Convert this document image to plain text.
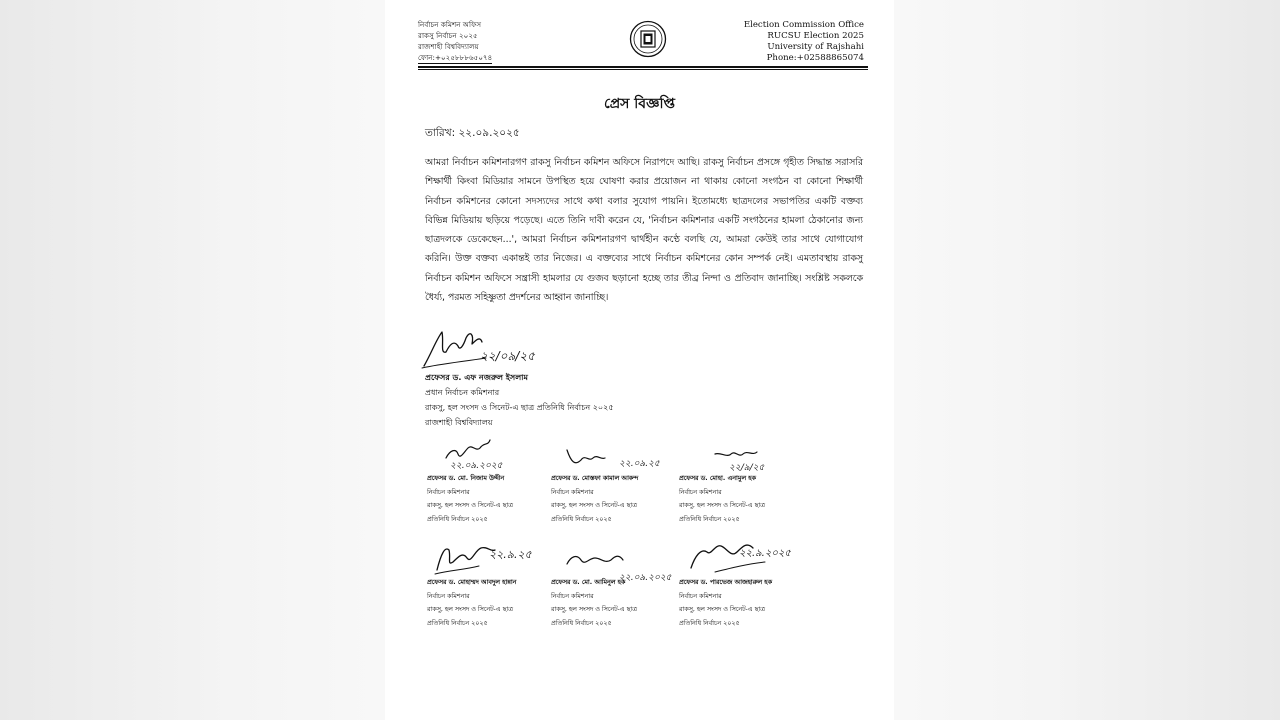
নির্বাচন কমিশন অফিস
রাকসু নির্বাচন ২০২৫
রাজশাহী বিশ্ববিদ্যালয়
ফোন:+০২৫৮৮৮৬৫০৭৪
Election Commission Office
RUCSU Election 2025
University of Rajshahi
Phone:+02588865074
প্রেস বিজ্ঞপ্তি
তারিখ: ২২.০৯.২০২৫
আমরা নির্বাচন কমিশনারগণ রাকসু নির্বাচন কমিশন অফিসে নিরাপদে আছি। রাকসু নির্বাচন প্রসঙ্গে গৃহীত সিদ্ধান্ত সরাসরি শিক্ষার্থী কিংবা মিডিয়ার সামনে উপস্থিত হয়ে ঘোষণা করার প্রয়োজন না থাকায় কোনো সংগঠন বা কোনো শিক্ষার্থী নির্বাচন কমিশনের কোনো সদস্যদের সাথে কথা বলার সুযোগ পায়নি। ইতোমধ্যে ছাত্রদলের সভাপতির একটি বক্তব্য বিভিন্ন মিডিয়ায় ছড়িয়ে পড়েছে। এতে তিনি দাবী করেন যে, 'নির্বাচন কমিশনার একটি সংগঠনের হামলা ঠেকানোর জন্য ছাত্রদলকে ডেকেছেন...', আমরা নির্বাচন কমিশনারগণ দ্বার্থহীন কণ্ঠে বলছি যে, আমরা কেউই তার সাথে যোগাযোগ করিনি। উক্ত বক্তব্য একান্তই তার নিজের। এ বক্তব্যের সাথে নির্বাচন কমিশনের কোন সম্পর্ক নেই। এমতাবস্থায় রাকসু নির্বাচন কমিশন অফিসে সন্ত্রাসী হামলার যে গুজব ছড়ানো হচ্ছে তার তীব্র নিন্দা ও প্রতিবাদ জানাচ্ছি। সংশ্লিষ্ট সকলকে ধৈর্য্য, পরমত সহিষ্ণুতা প্রদর্শনের আহ্বান জানাচ্ছি।
২২/০৯/২৫
প্রফেসর ড. এফ নজরুল ইসলাম
প্রধান নির্বাচন কমিশনার
রাকসু, হল সংসদ ও সিনেট-এ ছাত্র প্রতিনিধি নির্বাচন ২০২৫
রাজশাহী বিশ্ববিদ্যালয়
২২.০৯.২০২৫	২২.০৯.২৫	২২/৯/২৫
২২.৯.২৫
২২.০৯.২০২৫
২২.৯.২০২৫
প্রফেসর ড. মো. নিজাম উদ্দীন
নির্বাচন কমিশনার
রাকসু, হল সংসদ ও সিনেট-এ ছাত্র
প্রতিনিধি নির্বাচন ২০২৫
প্রফেসর ড. মোস্তফা কামাল আকন্দ
নির্বাচন কমিশনার
রাকসু, হল সংসদ ও সিনেট-এ ছাত্র
প্রতিনিধি নির্বাচন ২০২৫
প্রফেসর ড. মোহা. এনামুল হক
নির্বাচন কমিশনার
রাকসু, হল সংসদ ও সিনেট-এ ছাত্র
প্রতিনিধি নির্বাচন ২০২৫
প্রফেসর ড. মোহাম্মদ আবদুল হান্নান
নির্বাচন কমিশনার
রাকসু, হল সংসদ ও সিনেট-এ ছাত্র
প্রতিনিধি নির্বাচন ২০২৫
প্রফেসর ড. মো. আমিনুল হক
নির্বাচন কমিশনার
রাকসু, হল সংসদ ও সিনেট-এ ছাত্র
প্রতিনিধি নির্বাচন ২০২৫
প্রফেসর ড. পারভেজ আজহারুল হক
নির্বাচন কমিশনার
রাকসু, হল সংসদ ও সিনেট-এ ছাত্র
প্রতিনিধি নির্বাচন ২০২৫
